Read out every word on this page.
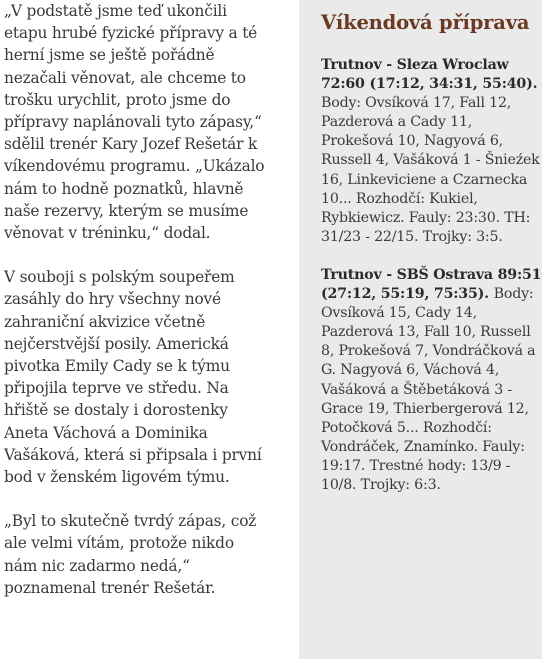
„V podstatě jsme teď ukončili etapu hrubé fyzické přípravy a té herní jsme se ještě pořádně nezačali věnovat, ale chceme to trošku urychlit, proto jsme do přípravy naplánovali tyto zápasy,“ sdělil trenér Kary Jozef Rešetár k víkendovému programu. „Ukázalo nám to hodně poznatků, hlavně naše rezervy, kterým se musíme věnovat v tréninku,“ dodal.

V souboji s polským soupeřem zasáhly do hry všechny nové zahraniční akvizice včetně nejčerstvější posily. Americká pivotka Emily Cady se k týmu připojila teprve ve středu. Na hřiště se dostaly i dorostenky Aneta Váchová a Dominika Vašáková, která si připsala i první bod v ženském ligovém týmu.

„Byl to skutečně tvrdý zápas, což ale velmi vítám, protože nikdo nám nic zadarmo nedá,“ poznamenal trenér Rešetár.

Víkendová příprava
Trutnov - Sleza Wroclaw 72:60 (17:12, 34:31, 55:40). Body: Ovsíková 17, Fall 12, Pazderová a Cady 11, Prokešová 10, Nagyová 6, Russell 4, Vašáková 1 - Šnieźek 16, Linkeviciene a Czarnecka 10... Rozhodčí: Kukiel, Rybkiewicz. Fauly: 23:30. TH: 31/23 - 22/15. Trojky: 3:5.
Trutnov - SBŠ Ostrava 89:51 (27:12, 55:19, 75:35). Body: Ovsíková 15, Cady 14, Pazderová 13, Fall 10, Russell 8, Prokešová 7, Vondráčková a G. Nagyová 6, Váchová 4, Vašáková a Štěbetáková 3 - Grace 19, Thierbergerová 12, Potočková 5... Rozhodčí: Vondráček, Znamínko. Fauly: 19:17. Trestné hody: 13/9 - 10/8. Trojky: 6:3.
